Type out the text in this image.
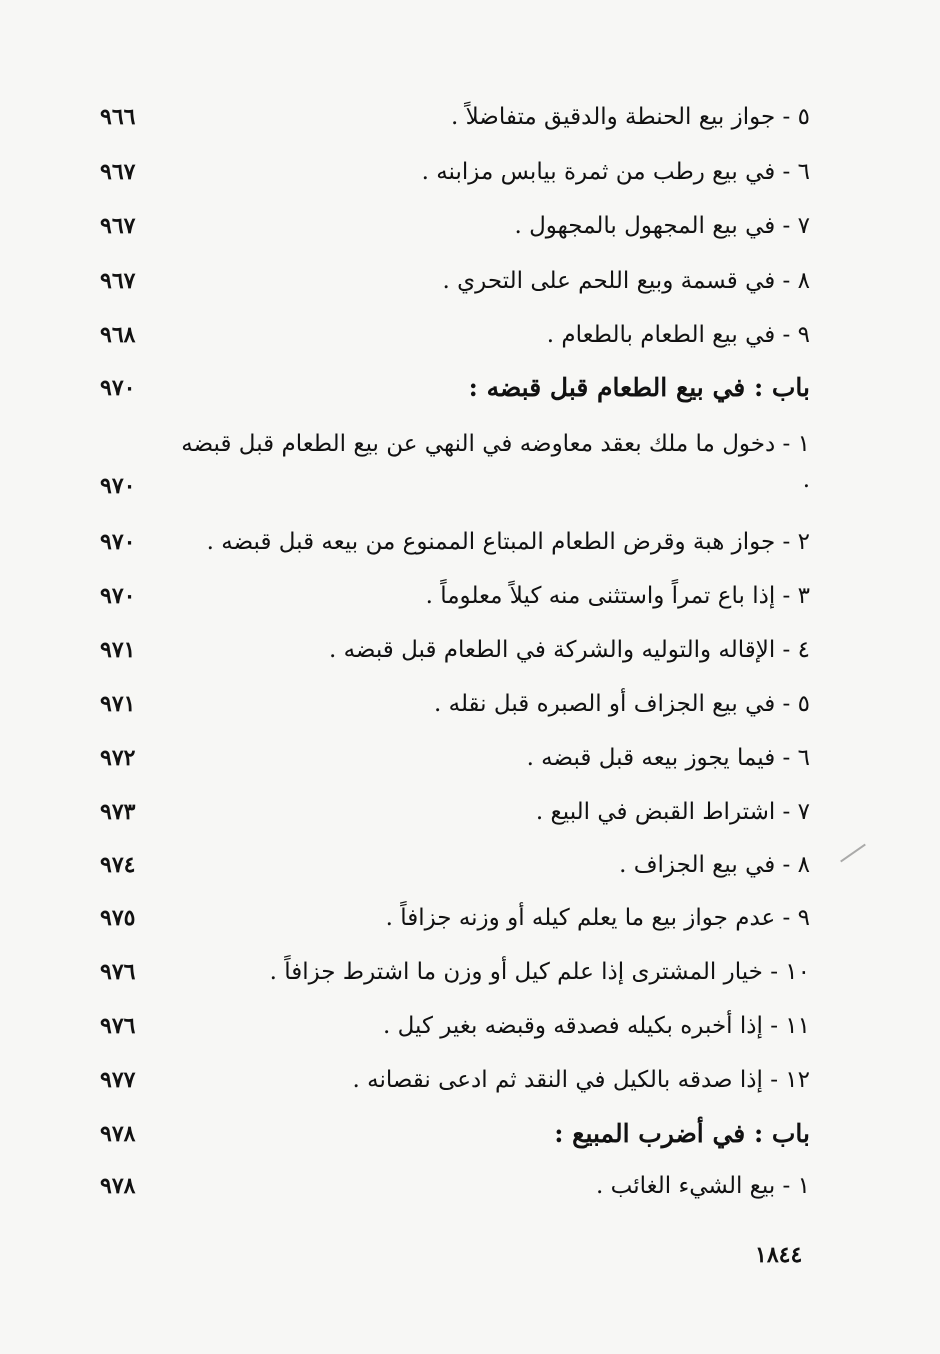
٥ - جواز بيع الحنطة والدقيق متفاضلاً .
٩٦٦
٦ - في بيع رطب من ثمرة بيابس مزابنه .
٩٦٧
٧ - في بيع المجهول بالمجهول .
٩٦٧
٨ - في قسمة وبيع اللحم على التحري .
٩٦٧
٩ - في بيع الطعام بالطعام .
٩٦٨
باب : في بيع الطعام قبل قبضه :
٩٧٠
١ - دخول ما ملك بعقد معاوضه في النهي عن بيع الطعام قبل قبضه .
٩٧٠
٢ - جواز هبة وقرض الطعام المبتاع الممنوع من بيعه قبل قبضه .
٩٧٠
٣ - إذا باع تمراً واستثنى منه كيلاً معلوماً .
٩٧٠
٤ - الإقاله والتوليه والشركة في الطعام قبل قبضه .
٩٧١
٥ - في بيع الجزاف أو الصبره قبل نقله .
٩٧١
٦ - فيما يجوز بيعه قبل قبضه .
٩٧٢
٧ - اشتراط القبض في البيع .
٩٧٣
٨ - في بيع الجزاف .
٩٧٤
٩ - عدم جواز بيع ما يعلم كيله أو وزنه جزافاً .
٩٧٥
١٠ - خيار المشترى إذا علم كيل أو وزن ما اشترط جزافاً .
٩٧٦
١١ - إذا أخبره بكيله فصدقه وقبضه بغير كيل .
٩٧٦
١٢ - إذا صدقه بالكيل في النقد ثم ادعى نقصانه .
٩٧٧
باب : في أضرب المبيع :
٩٧٨
١ - بيع الشيء الغائب .
٩٧٨
١٨٤٤
